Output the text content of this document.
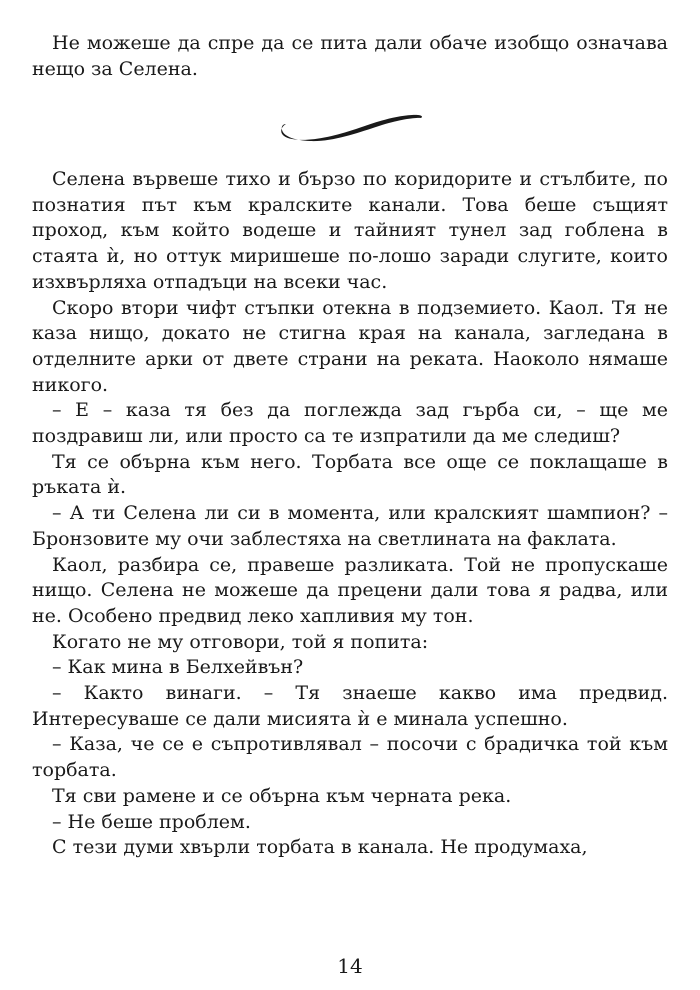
Не можеше да спре да се пита дали обаче изобщо означава нещо за Селена.

Селена вървеше тихо и бързо по коридорите и стълбите, по познатия път към кралските канали. Това беше същият проход, към който водеше и тайният тунел зад гоблена в стаята ѝ, но оттук миришеше по-лошо заради слугите, които изхвърляха отпадъци на всеки час.

Скоро втори чифт стъпки отекна в подземието. Каол. Тя не каза нищо, докато не стигна края на канала, загледана в отделните арки от двете страни на реката. Наоколо нямаше никого.

– Е – каза тя без да поглежда зад гърба си, – ще ме поздравиш ли, или просто са те изпратили да ме следиш?

Тя се обърна към него. Торбата все още се поклащаше в ръката ѝ.

– А ти Селена ли си в момента, или кралският шампион? – Бронзовите му очи заблестяха на светлината на факлата.

Каол, разбира се, правеше разликата. Той не пропускаше нищо. Селена не можеше да прецени дали това я радва, или не. Особено предвид леко хапливия му тон.

Когато не му отговори, той я попита:

– Как мина в Белхейвън?

– Както винаги. – Тя знаеше какво има предвид. Интересуваше се дали мисията ѝ е минала успешно.

– Каза, че се е съпротивлявал – посочи с брадичка той към торбата.

Тя сви рамене и се обърна към черната река.

– Не беше проблем.

С тези думи хвърли торбата в канала. Не продумаха,

14
